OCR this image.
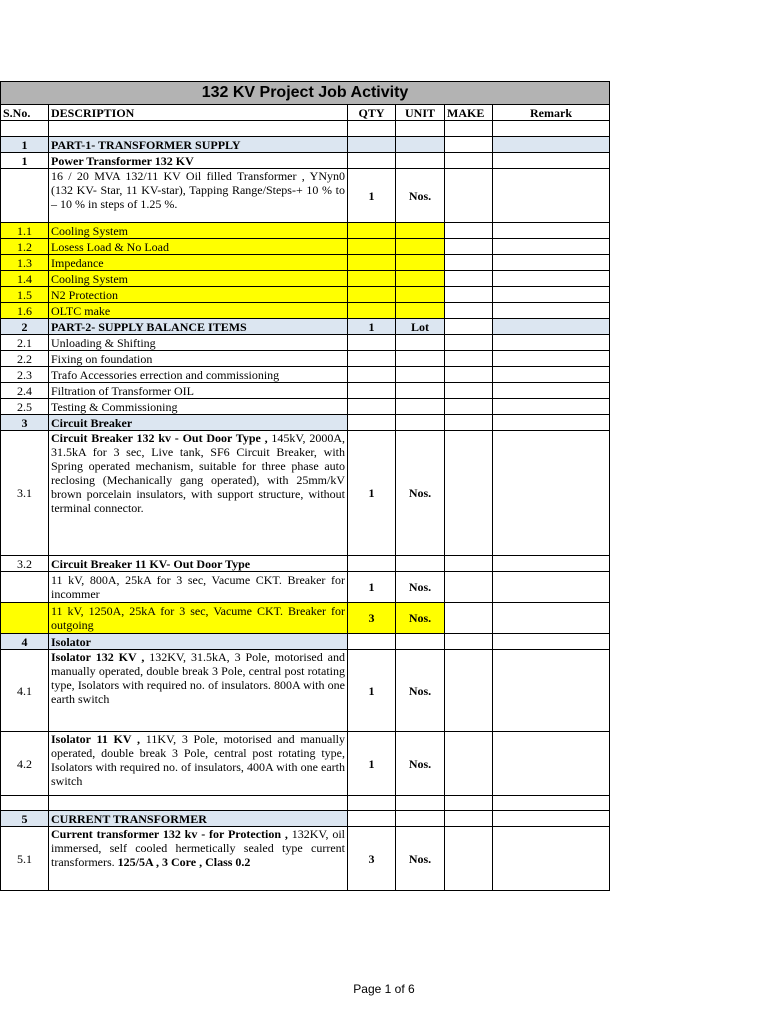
132 KV Project Job Activity					
S.No.	DESCRIPTION	QTY	UNIT	MAKE	Remark

1	PART-1- TRANSFORMER SUPPLY				
1	Power Transformer 132 KV				
	16 / 20 MVA 132/11 KV Oil filled Transformer , YNyn0 (132 KV- Star, 11 KV-star), Tapping Range/Steps-+ 10 % to – 10 % in steps of 1.25 %.	1	Nos.		
1.1	Cooling System				
1.2	Losess Load & No Load				
1.3	Impedance				
1.4	Cooling System				
1.5	N2 Protection				
1.6	OLTC make				
2	PART-2- SUPPLY BALANCE ITEMS	1	Lot		
2.1	Unloading & Shifting				
2.2	Fixing on foundation				
2.3	Trafo Accessories errection and commissioning				
2.4	Filtration of Transformer OIL				
2.5	Testing & Commissioning				
3	Circuit Breaker				
3.1	Circuit Breaker 132 kv - Out Door Type , 145kV, 2000A, 31.5kA for 3 sec, Live tank, SF6 Circuit Breaker, with Spring operated mechanism, suitable for three phase auto reclosing (Mechanically gang operated), with 25mm/kV brown porcelain insulators, with support structure, without terminal connector.	1	Nos.		
3.2	Circuit Breaker 11 KV- Out Door Type				
	11 kV, 800A, 25kA for 3 sec, Vacume CKT. Breaker for incommer	1	Nos.		
	11 kV, 1250A, 25kA for 3 sec, Vacume CKT. Breaker for outgoing	3	Nos.		
4	Isolator				
4.1	Isolator 132 KV , 132KV, 31.5kA, 3 Pole, motorised and manually operated, double break 3 Pole, central post rotating type, Isolators with required no. of insulators. 800A with one earth switch	1	Nos.		
4.2	Isolator 11 KV , 11KV, 3 Pole, motorised and manually operated, double break 3 Pole, central post rotating type, Isolators with required no. of insulators, 400A with one earth switch	1	Nos.		

5	CURRENT TRANSFORMER				
5.1	Current transformer 132 kv - for Protection , 132KV, oil immersed, self cooled hermetically sealed type current transformers. 125/5A , 3 Core , Class 0.2	3	Nos.		
Page 1 of 6
